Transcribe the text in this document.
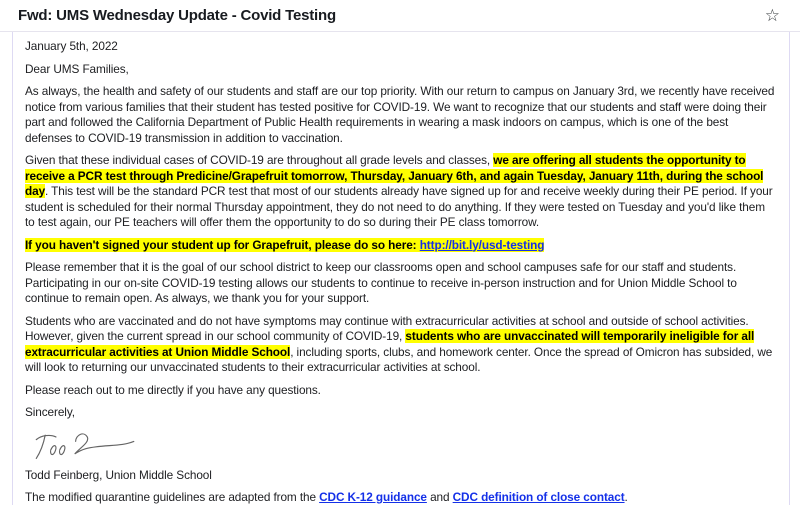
Fwd: UMS Wednesday Update - Covid Testing	☆

January 5th, 2022

Dear UMS Families,

As always, the health and safety of our students and staff are our top priority. With our return to campus on January 3rd, we recently have received notice from various families that their student has tested positive for COVID-19. We want to recognize that our students and staff were doing their part and followed the California Department of Public Health requirements in wearing a mask indoors on campus, which is one of the best defenses to COVID-19 transmission in addition to vaccination.

Given that these individual cases of COVID-19 are throughout all grade levels and classes, we are offering all students the opportunity to receive a PCR test through Predicine/Grapefruit tomorrow, Thursday, January 6th, and again Tuesday, January 11th, during the school day. This test will be the standard PCR test that most of our students already have signed up for and receive weekly during their PE period. If your student is scheduled for their normal Thursday appointment, they do not need to do anything. If they were tested on Tuesday and you'd like them to test again, our PE teachers will offer them the opportunity to do so during their PE class tomorrow.

If you haven't signed your student up for Grapefruit, please do so here: http://bit.ly/usd-testing

Please remember that it is the goal of our school district to keep our classrooms open and school campuses safe for our staff and students. Participating in our on-site COVID-19 testing allows our students to continue to receive in-person instruction and for Union Middle School to continue to remain open. As always, we thank you for your support.

Students who are vaccinated and do not have symptoms may continue with extracurricular activities at school and outside of school activities. However, given the current spread in our school community of COVID-19, students who are unvaccinated will temporarily ineligible for all extracurricular activities at Union Middle School, including sports, clubs, and homework center. Once the spread of Omicron has subsided, we will look to returning our unvaccinated students to their extracurricular activities at school.

Please reach out to me directly if you have any questions.

Sincerely,

Todd Feinberg, Union Middle School

The modified quarantine guidelines are adapted from the CDC K-12 guidance and CDC definition of close contact.
